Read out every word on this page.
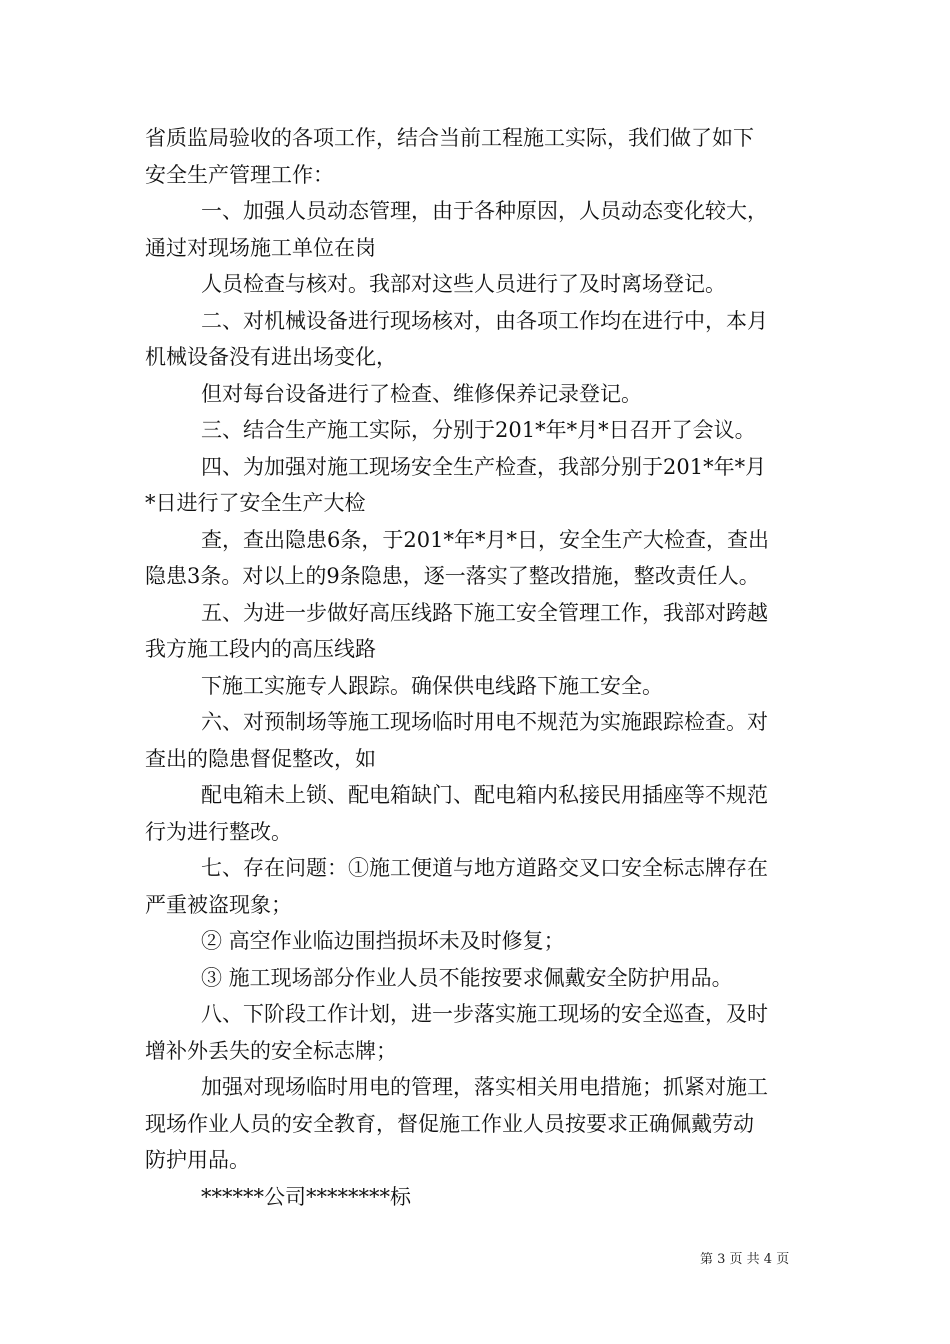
省质监局验收的各项工作，结合当前工程施工实际，我们做了如下
安全生产管理工作：
一、加强人员动态管理，由于各种原因，人员动态变化较大，
通过对现场施工单位在岗
人员检查与核对。我部对这些人员进行了及时离场登记。
二、对机械设备进行现场核对，由各项工作均在进行中，本月
机械设备没有进出场变化，
但对每台设备进行了检查、维修保养记录登记。
三、结合生产施工实际，分别于201*年*月*日召开了会议。
四、为加强对施工现场安全生产检查，我部分别于201*年*月
*日进行了安全生产大检
查，查出隐患6条，于201*年*月*日，安全生产大检查，查出
隐患3条。对以上的9条隐患，逐一落实了整改措施，整改责任人。
五、为进一步做好高压线路下施工安全管理工作，我部对跨越
我方施工段内的高压线路
下施工实施专人跟踪。确保供电线路下施工安全。
六、对预制场等施工现场临时用电不规范为实施跟踪检查。对
查出的隐患督促整改，如
配电箱未上锁、配电箱缺门、配电箱内私接民用插座等不规范
行为进行整改。
七、存在问题：①施工便道与地方道路交叉口安全标志牌存在
严重被盗现象；
② 高空作业临边围挡损坏未及时修复；
③ 施工现场部分作业人员不能按要求佩戴安全防护用品。
八、下阶段工作计划，进一步落实施工现场的安全巡查，及时
增补外丢失的安全标志牌；
加强对现场临时用电的管理，落实相关用电措施；抓紧对施工
现场作业人员的安全教育，督促施工作业人员按要求正确佩戴劳动
防护用品。
******公司********标
第 3 页 共 4 页
